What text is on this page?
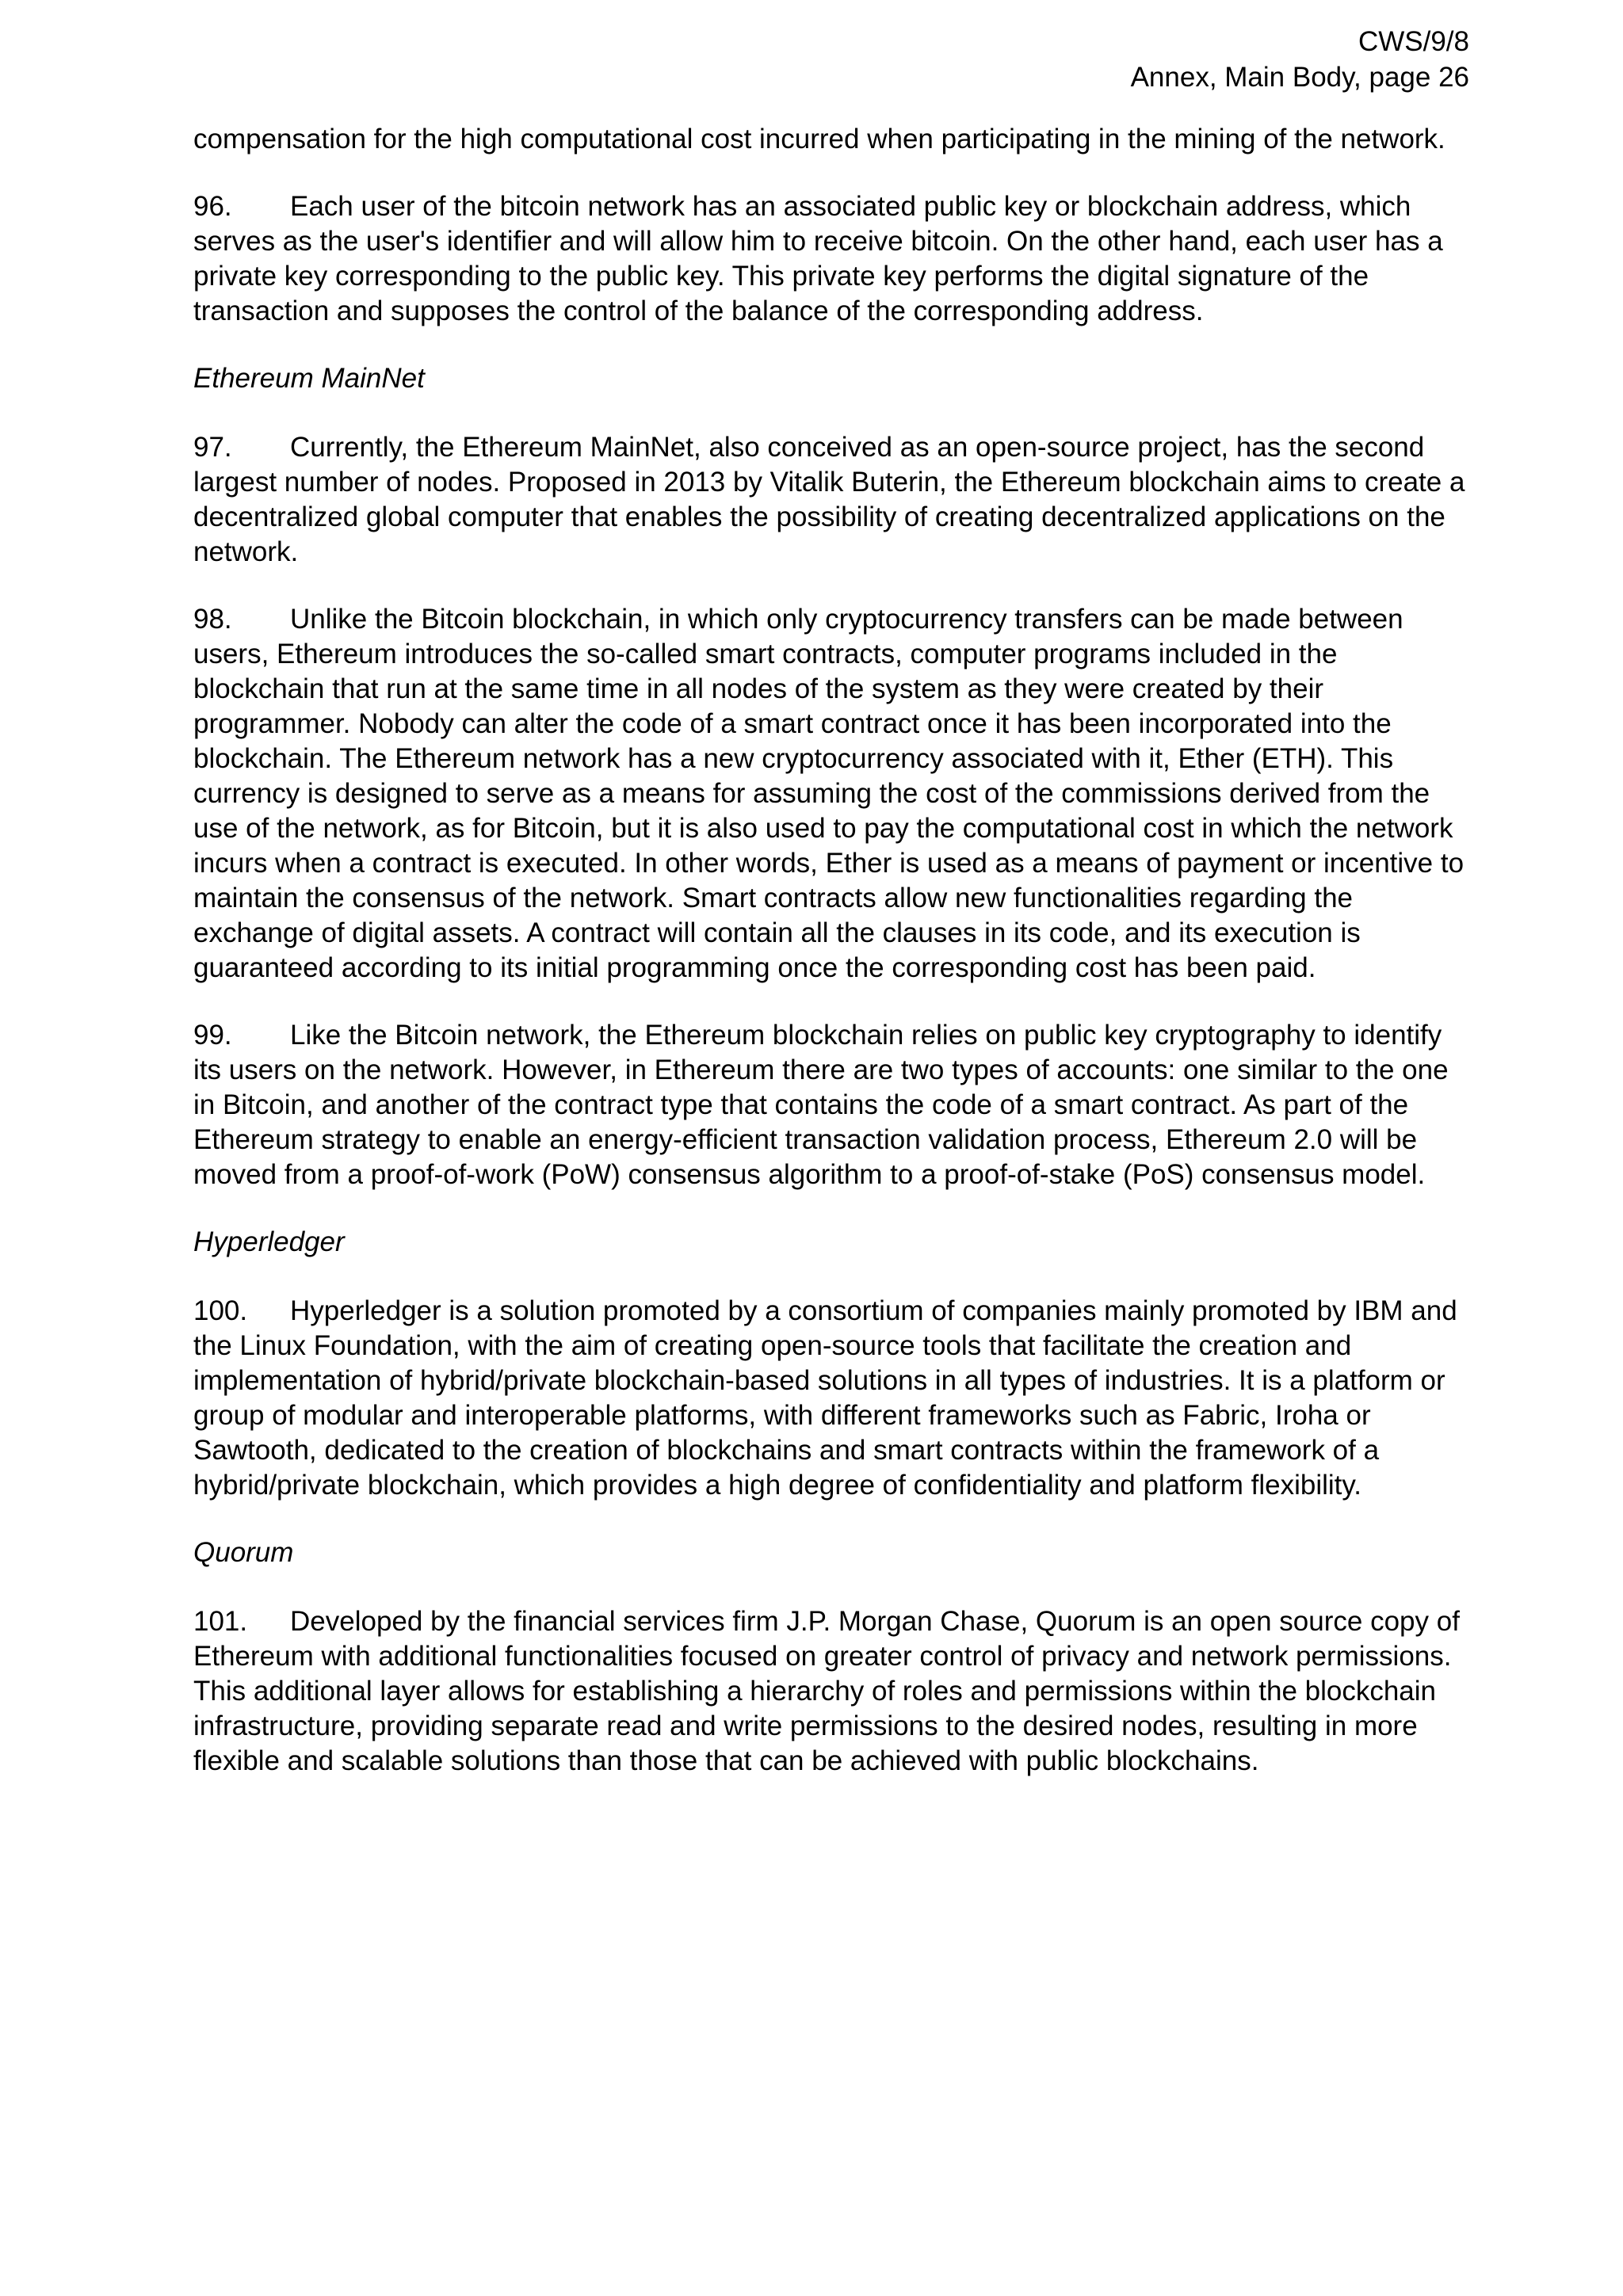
CWS/9/8
Annex, Main Body, page 26

compensation for the high computational cost incurred when participating in the mining of the network.

96. Each user of the bitcoin network has an associated public key or blockchain address, which serves as the user's identifier and will allow him to receive bitcoin. On the other hand, each user has a private key corresponding to the public key. This private key performs the digital signature of the transaction and supposes the control of the balance of the corresponding address.

Ethereum MainNet

97. Currently, the Ethereum MainNet, also conceived as an open-source project, has the second largest number of nodes. Proposed in 2013 by Vitalik Buterin, the Ethereum blockchain aims to create a decentralized global computer that enables the possibility of creating decentralized applications on the network.

98. Unlike the Bitcoin blockchain, in which only cryptocurrency transfers can be made between users, Ethereum introduces the so-called smart contracts, computer programs included in the blockchain that run at the same time in all nodes of the system as they were created by their programmer. Nobody can alter the code of a smart contract once it has been incorporated into the blockchain. The Ethereum network has a new cryptocurrency associated with it, Ether (ETH). This currency is designed to serve as a means for assuming the cost of the commissions derived from the use of the network, as for Bitcoin, but it is also used to pay the computational cost in which the network incurs when a contract is executed. In other words, Ether is used as a means of payment or incentive to maintain the consensus of the network. Smart contracts allow new functionalities regarding the exchange of digital assets. A contract will contain all the clauses in its code, and its execution is guaranteed according to its initial programming once the corresponding cost has been paid.

99. Like the Bitcoin network, the Ethereum blockchain relies on public key cryptography to identify its users on the network. However, in Ethereum there are two types of accounts: one similar to the one in Bitcoin, and another of the contract type that contains the code of a smart contract. As part of the Ethereum strategy to enable an energy-efficient transaction validation process, Ethereum 2.0 will be moved from a proof-of-work (PoW) consensus algorithm to a proof-of-stake (PoS) consensus model.

Hyperledger

100. Hyperledger is a solution promoted by a consortium of companies mainly promoted by IBM and the Linux Foundation, with the aim of creating open-source tools that facilitate the creation and implementation of hybrid/private blockchain-based solutions in all types of industries. It is a platform or group of modular and interoperable platforms, with different frameworks such as Fabric, Iroha or Sawtooth, dedicated to the creation of blockchains and smart contracts within the framework of a hybrid/private blockchain, which provides a high degree of confidentiality and platform flexibility.

Quorum

101. Developed by the financial services firm J.P. Morgan Chase, Quorum is an open source copy of Ethereum with additional functionalities focused on greater control of privacy and network permissions. This additional layer allows for establishing a hierarchy of roles and permissions within the blockchain infrastructure, providing separate read and write permissions to the desired nodes, resulting in more flexible and scalable solutions than those that can be achieved with public blockchains.
